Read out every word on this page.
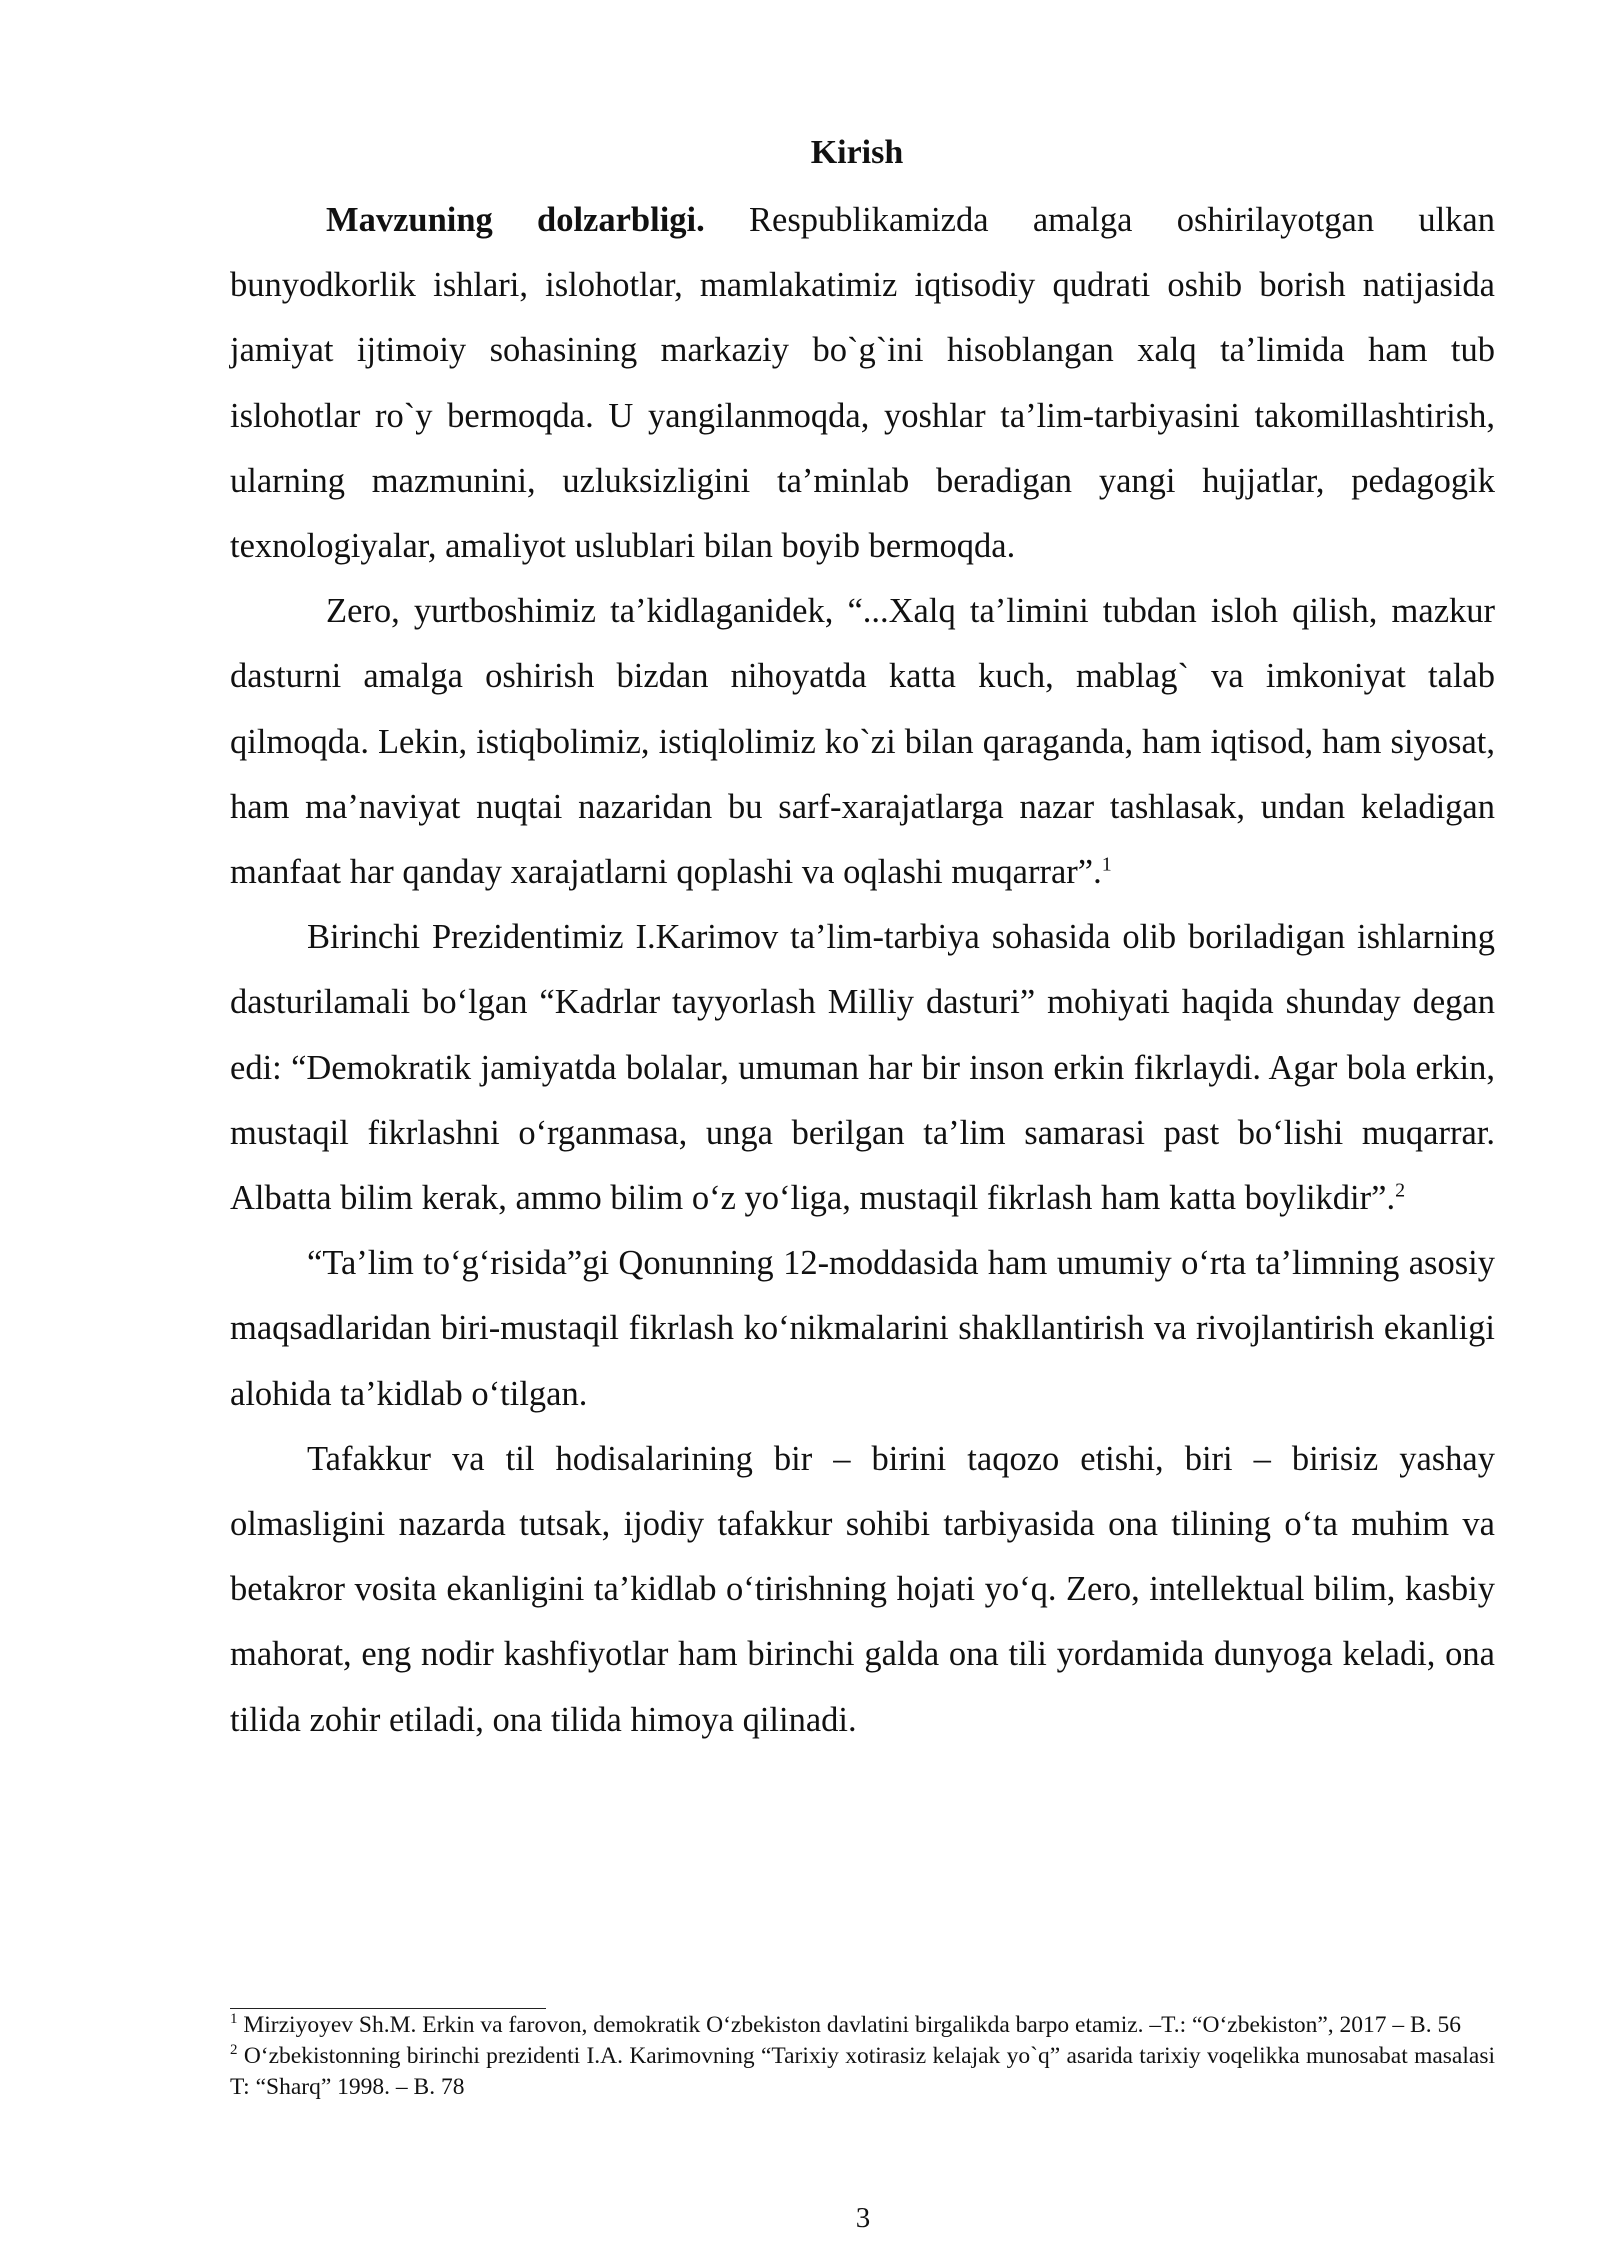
Kirish

Mavzuning dolzarbligi. Respublikamizda amalga oshirilayotgan ulkan bunyodkorlik ishlari, islohotlar, mamlakatimiz iqtisodiy qudrati oshib borish natijasida jamiyat ijtimoiy sohasining markaziy bo`g`ini hisoblangan xalq ta’limida ham tub islohotlar ro`y bermoqda. U yangilanmoqda, yoshlar ta’lim-tarbiyasini takomillashtirish, ularning mazmunini, uzluksizligini ta’minlab beradigan yangi hujjatlar, pedagogik texnologiyalar, amaliyot uslublari bilan boyib bermoqda.

Zero, yurtboshimiz ta’kidlaganidek, “...Xalq ta’limini tubdan isloh qilish, mazkur dasturni amalga oshirish bizdan nihoyatda katta kuch, mablag` va imkoniyat talab qilmoqda. Lekin, istiqbolimiz, istiqlolimiz ko`zi bilan qaraganda, ham iqtisod, ham siyosat, ham ma’naviyat nuqtai nazaridan bu sarf-xarajatlarga nazar tashlasak, undan keladigan manfaat har qanday xarajatlarni qoplashi va oqlashi muqarrar”.$^1$

Birinchi Prezidentimiz I.Karimov ta’lim-tarbiya sohasida olib boriladigan ishlarning dasturilamali bo‘lgan “Kadrlar tayyorlash Milliy dasturi” mohiyati haqida shunday degan edi: “Demokratik jamiyatda bolalar, umuman har bir inson erkin fikrlaydi. Agar bola erkin, mustaqil fikrlashni o‘rganmasa, unga berilgan ta’lim samarasi past bo‘lishi muqarrar. Albatta bilim kerak, ammo bilim o‘z yo‘liga, mustaqil fikrlash ham katta boylikdir”.$^2$

“Ta’lim to‘g‘risida”gi Qonunning 12-moddasida ham umumiy o‘rta ta’limning asosiy maqsadlaridan biri-mustaqil fikrlash ko‘nikmalarini shakllantirish va rivojlantirish ekanligi alohida ta’kidlab o‘tilgan.

Tafakkur va til hodisalarining bir – birini taqozo etishi, biri – birisiz yashay olmasligini nazarda tutsak, ijodiy tafakkur sohibi tarbiyasida ona tilining o‘ta muhim va betakror vosita ekanligini ta’kidlab o‘tirishning hojati yo‘q. Zero, intellektual bilim, kasbiy mahorat, eng nodir kashfiyotlar ham birinchi galda ona tili yordamida dunyoga keladi, ona tilida zohir etiladi, ona tilida himoya qilinadi.

$^1$ Mirziyoyev Sh.M. Erkin va farovon, demokratik O‘zbekiston davlatini birgalikda barpo etamiz. –T.: “O‘zbekiston”, 2017 – B. 56

$^2$ O‘zbekistonning birinchi prezidenti I.A. Karimovning “Tarixiy xotirasiz kelajak yo`q” asarida tarixiy voqelikka munosabat masalasi T: “Sharq” 1998. – B. 78

3
